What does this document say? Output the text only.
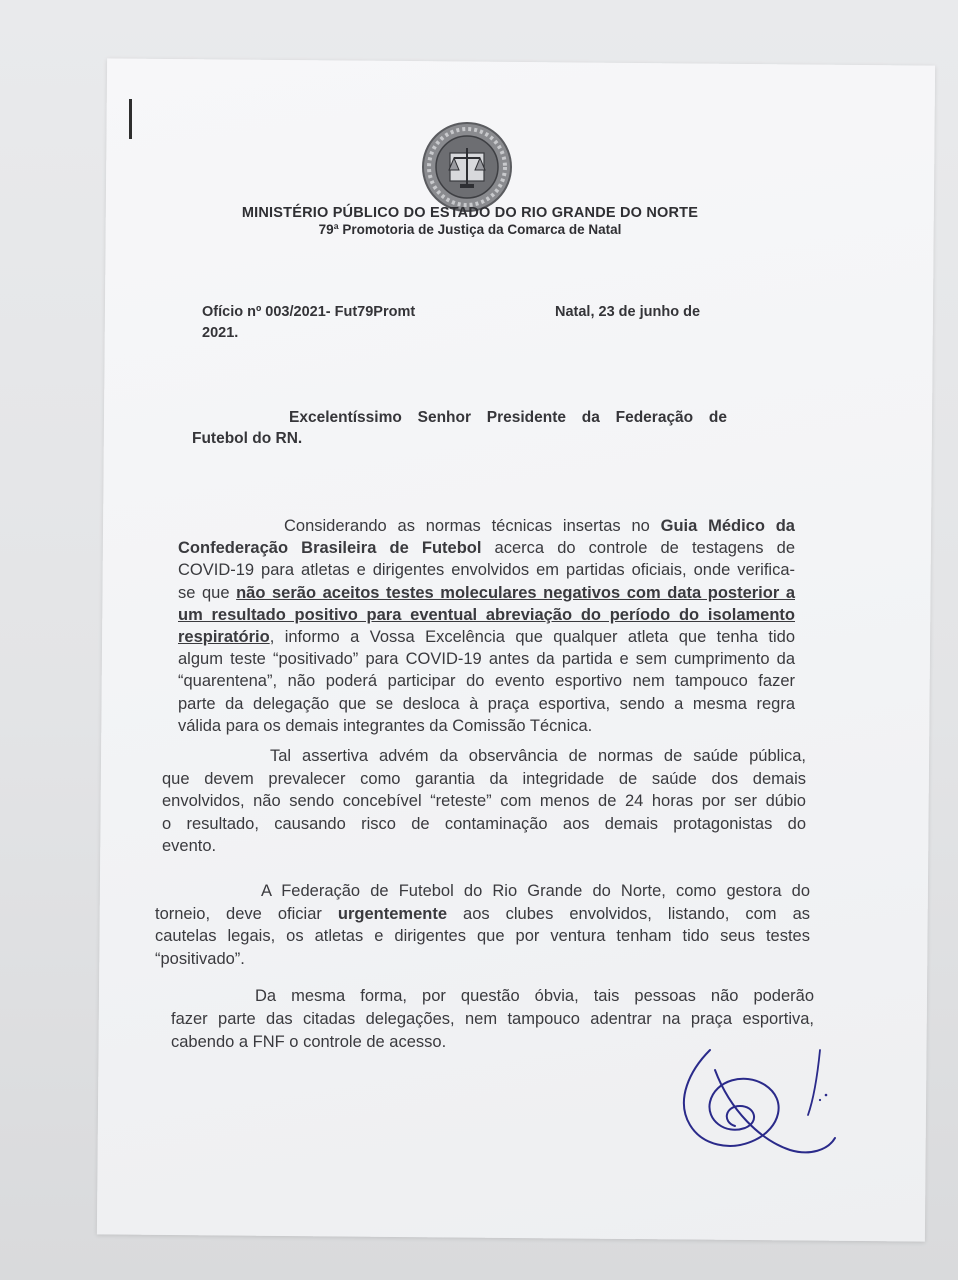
MINISTÉRIO PÚBLICO DO ESTADO DO RIO GRANDE DO NORTE
79ª Promotoria de Justiça da Comarca de Natal
Ofício nº 003/2021- Fut79Promt	Natal, 23 de junho de
2021.
Excelentíssimo Senhor Presidente da Federação de
Futebol do RN.
Considerando as normas técnicas insertas no Guia Médico da
Confederação Brasileira de Futebol acerca do controle de testagens de
COVID-19 para atletas e dirigentes envolvidos em partidas oficiais, onde verifica-
se que não serão aceitos testes moleculares negativos com data posterior a
um resultado positivo para eventual abreviação do período do isolamento
respiratório, informo a Vossa Excelência que qualquer atleta que tenha tido
algum teste “positivado” para COVID-19 antes da partida e sem cumprimento da
“quarentena”, não poderá participar do evento esportivo nem tampouco fazer
parte da delegação que se desloca à praça esportiva, sendo a mesma regra
válida para os demais integrantes da Comissão Técnica.
Tal assertiva advém da observância de normas de saúde pública,
que devem prevalecer como garantia da integridade de saúde dos demais
envolvidos, não sendo concebível “reteste” com menos de 24 horas por ser dúbio
o resultado, causando risco de contaminação aos demais protagonistas do
evento.
A Federação de Futebol do Rio Grande do Norte, como gestora do
torneio, deve oficiar urgentemente aos clubes envolvidos, listando, com as
cautelas legais, os atletas e dirigentes que por ventura tenham tido seus testes
“positivado”.
Da mesma forma, por questão óbvia, tais pessoas não poderão
fazer parte das citadas delegações, nem tampouco adentrar na praça esportiva,
cabendo a FNF o controle de acesso.
